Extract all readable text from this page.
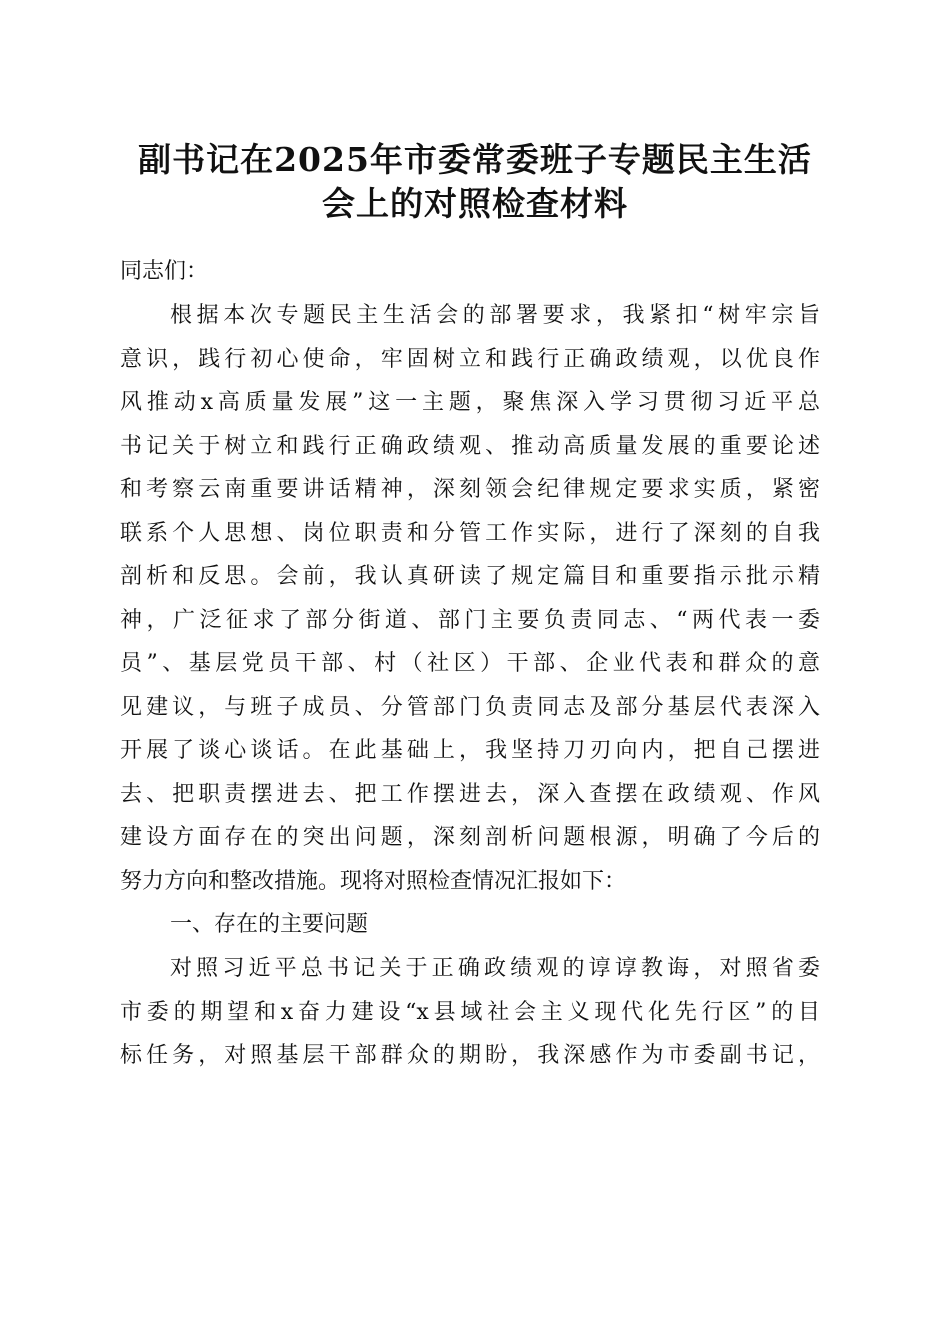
副书记在2025年市委常委班子专题民主生活
会上的对照检查材料

同志们：

根据本次专题民主生活会的部署要求，我紧扣“树牢宗旨
意识，践行初心使命，牢固树立和践行正确政绩观，以优良作
风推动x高质量发展”这一主题，聚焦深入学习贯彻习近平总
书记关于树立和践行正确政绩观、推动高质量发展的重要论述
和考察云南重要讲话精神，深刻领会纪律规定要求实质，紧密
联系个人思想、岗位职责和分管工作实际，进行了深刻的自我
剖析和反思。会前，我认真研读了规定篇目和重要指示批示精
神，广泛征求了部分街道、部门主要负责同志、“两代表一委
员”、基层党员干部、村（社区）干部、企业代表和群众的意
见建议，与班子成员、分管部门负责同志及部分基层代表深入
开展了谈心谈话。在此基础上，我坚持刀刃向内，把自己摆进
去、把职责摆进去、把工作摆进去，深入查摆在政绩观、作风
建设方面存在的突出问题，深刻剖析问题根源，明确了今后的
努力方向和整改措施。现将对照检查情况汇报如下：

一、存在的主要问题

对照习近平总书记关于正确政绩观的谆谆教诲，对照省委
市委的期望和x奋力建设“x县域社会主义现代化先行区”的目
标任务，对照基层干部群众的期盼，我深感作为市委副书记，
